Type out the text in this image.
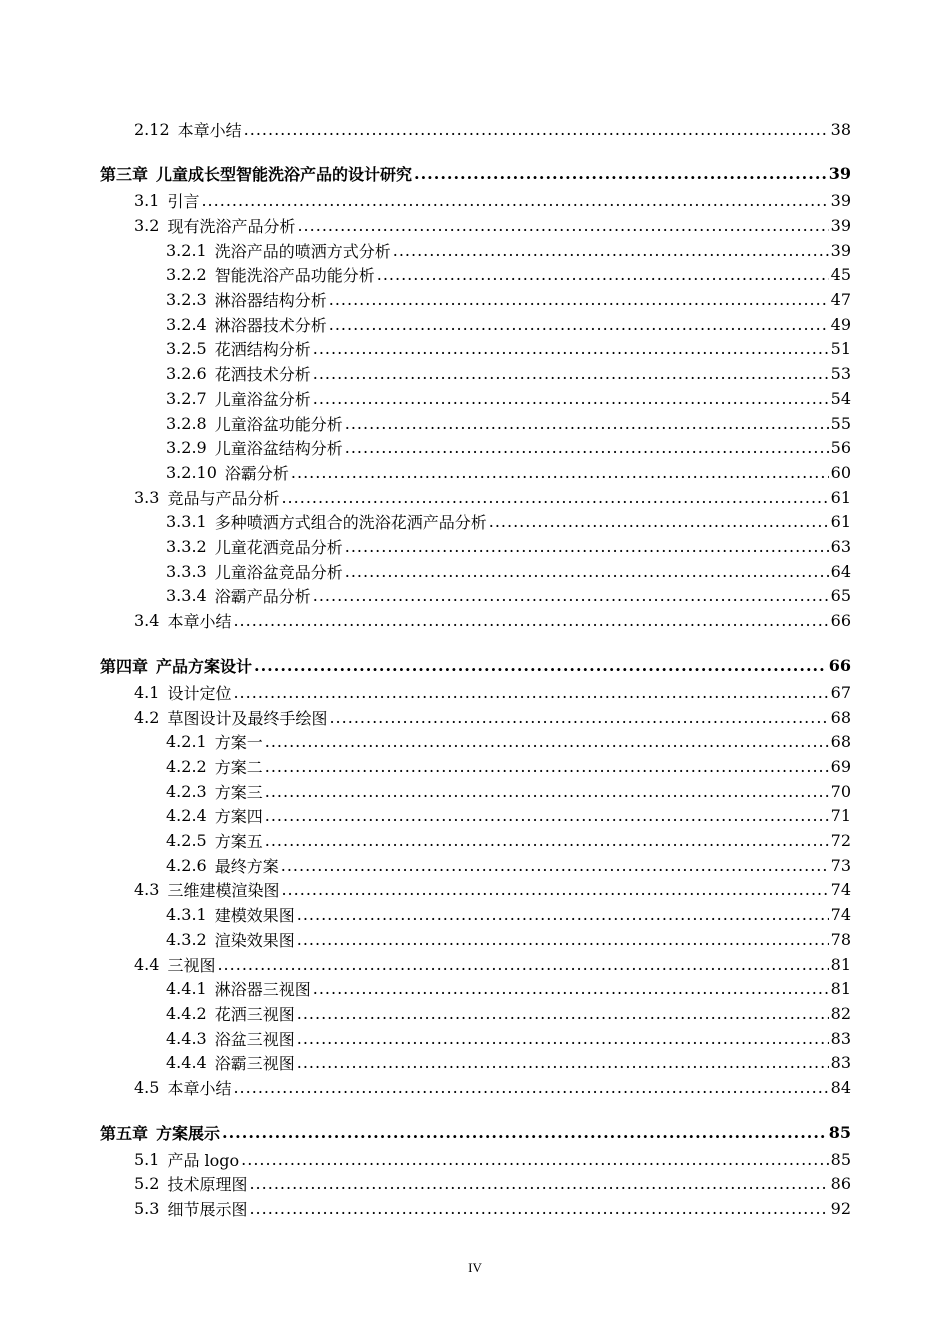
2.12 本章小结 .....	38
第三章 儿童成长型智能洗浴产品的设计研究 .....	39
3.1 引言 .....	39
3.2 现有洗浴产品分析 .....	39
3.2.1 洗浴产品的喷洒方式分析 .....	39
3.2.2 智能洗浴产品功能分析 .....	45
3.2.3 淋浴器结构分析 .....	47
3.2.4 淋浴器技术分析 .....	49
3.2.5 花洒结构分析 .....	51
3.2.6 花洒技术分析 .....	53
3.2.7 儿童浴盆分析 .....	54
3.2.8 儿童浴盆功能分析 .....	55
3.2.9 儿童浴盆结构分析 .....	56
3.2.10 浴霸分析 .....	60
3.3 竞品与产品分析 .....	61
3.3.1 多种喷洒方式组合的洗浴花洒产品分析 .....	61
3.3.2 儿童花洒竞品分析 .....	63
3.3.3 儿童浴盆竞品分析 .....	64
3.3.4 浴霸产品分析 .....	65
3.4 本章小结 .....	66
第四章 产品方案设计 .....	66
4.1 设计定位 .....	67
4.2 草图设计及最终手绘图 .....	68
4.2.1 方案一 .....	68
4.2.2 方案二 .....	69
4.2.3 方案三 .....	70
4.2.4 方案四 .....	71
4.2.5 方案五 .....	72
4.2.6 最终方案 .....	73
4.3 三维建模渲染图 .....	74
4.3.1 建模效果图 .....	74
4.3.2 渲染效果图 .....	78
4.4 三视图 .....	81
4.4.1 淋浴器三视图 .....	81
4.4.2 花洒三视图 .....	82
4.4.3 浴盆三视图 .....	83
4.4.4 浴霸三视图 .....	83
4.5 本章小结 .....	84
第五章 方案展示 .....	85
5.1 产品 logo .....	85
5.2 技术原理图 .....	86
5.3 细节展示图 .....	92
IV
